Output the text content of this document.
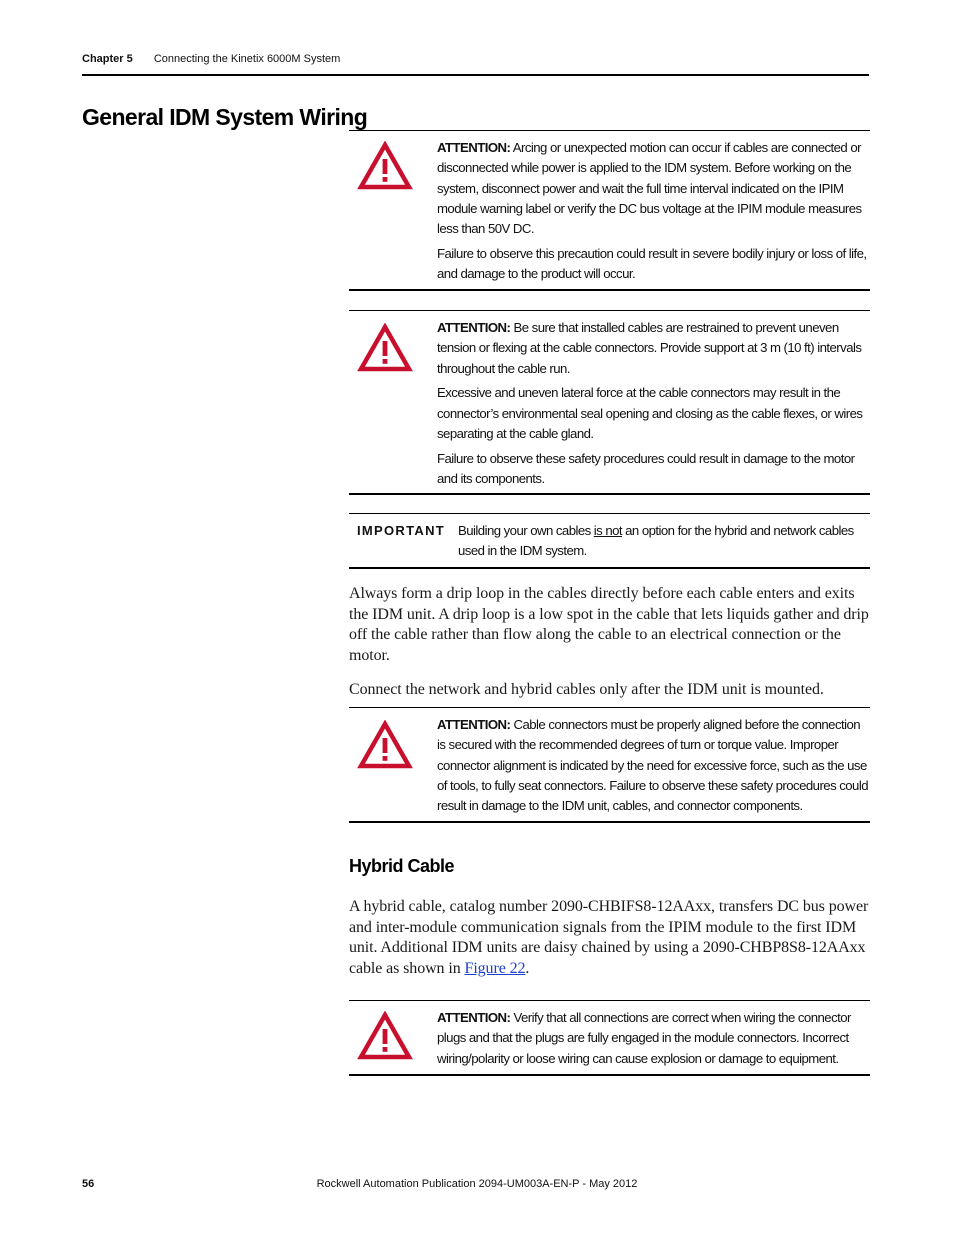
Chapter 5 Connecting the Kinetix 6000M System
General IDM System Wiring

ATTENTION: Arcing or unexpected motion can occur if cables are connected or disconnected while power is applied to the IDM system. Before working on the system, disconnect power and wait the full time interval indicated on the IPIM module warning label or verify the DC bus voltage at the IPIM module measures less than 50V DC.

Failure to observe this precaution could result in severe bodily injury or loss of life, and damage to the product will occur.

ATTENTION: Be sure that installed cables are restrained to prevent uneven tension or flexing at the cable connectors. Provide support at 3 m (10 ft) intervals throughout the cable run.

Excessive and uneven lateral force at the cable connectors may result in the connector’s environmental seal opening and closing as the cable flexes, or wires separating at the cable gland.

Failure to observe these safety procedures could result in damage to the motor and its components.

IMPORTANT Building your own cables is not an option for the hybrid and network cables used in the IDM system.

Always form a drip loop in the cables directly before each cable enters and exits the IDM unit. A drip loop is a low spot in the cable that lets liquids gather and drip off the cable rather than flow along the cable to an electrical connection or the motor.

Connect the network and hybrid cables only after the IDM unit is mounted.

ATTENTION: Cable connectors must be properly aligned before the connection is secured with the recommended degrees of turn or torque value. Improper connector alignment is indicated by the need for excessive force, such as the use of tools, to fully seat connectors. Failure to observe these safety procedures could result in damage to the IDM unit, cables, and connector components.

Hybrid Cable

A hybrid cable, catalog number 2090-CHBIFS8-12AAxx, transfers DC bus power and inter-module communication signals from the IPIM module to the first IDM unit. Additional IDM units are daisy chained by using a 2090-CHBP8S8-12AAxx cable as shown in Figure 22.

ATTENTION: Verify that all connections are correct when wiring the connector plugs and that the plugs are fully engaged in the module connectors. Incorrect wiring/polarity or loose wiring can cause explosion or damage to equipment.

Rockwell Automation Publication 2094-UM003A-EN-P - May 2012
56
